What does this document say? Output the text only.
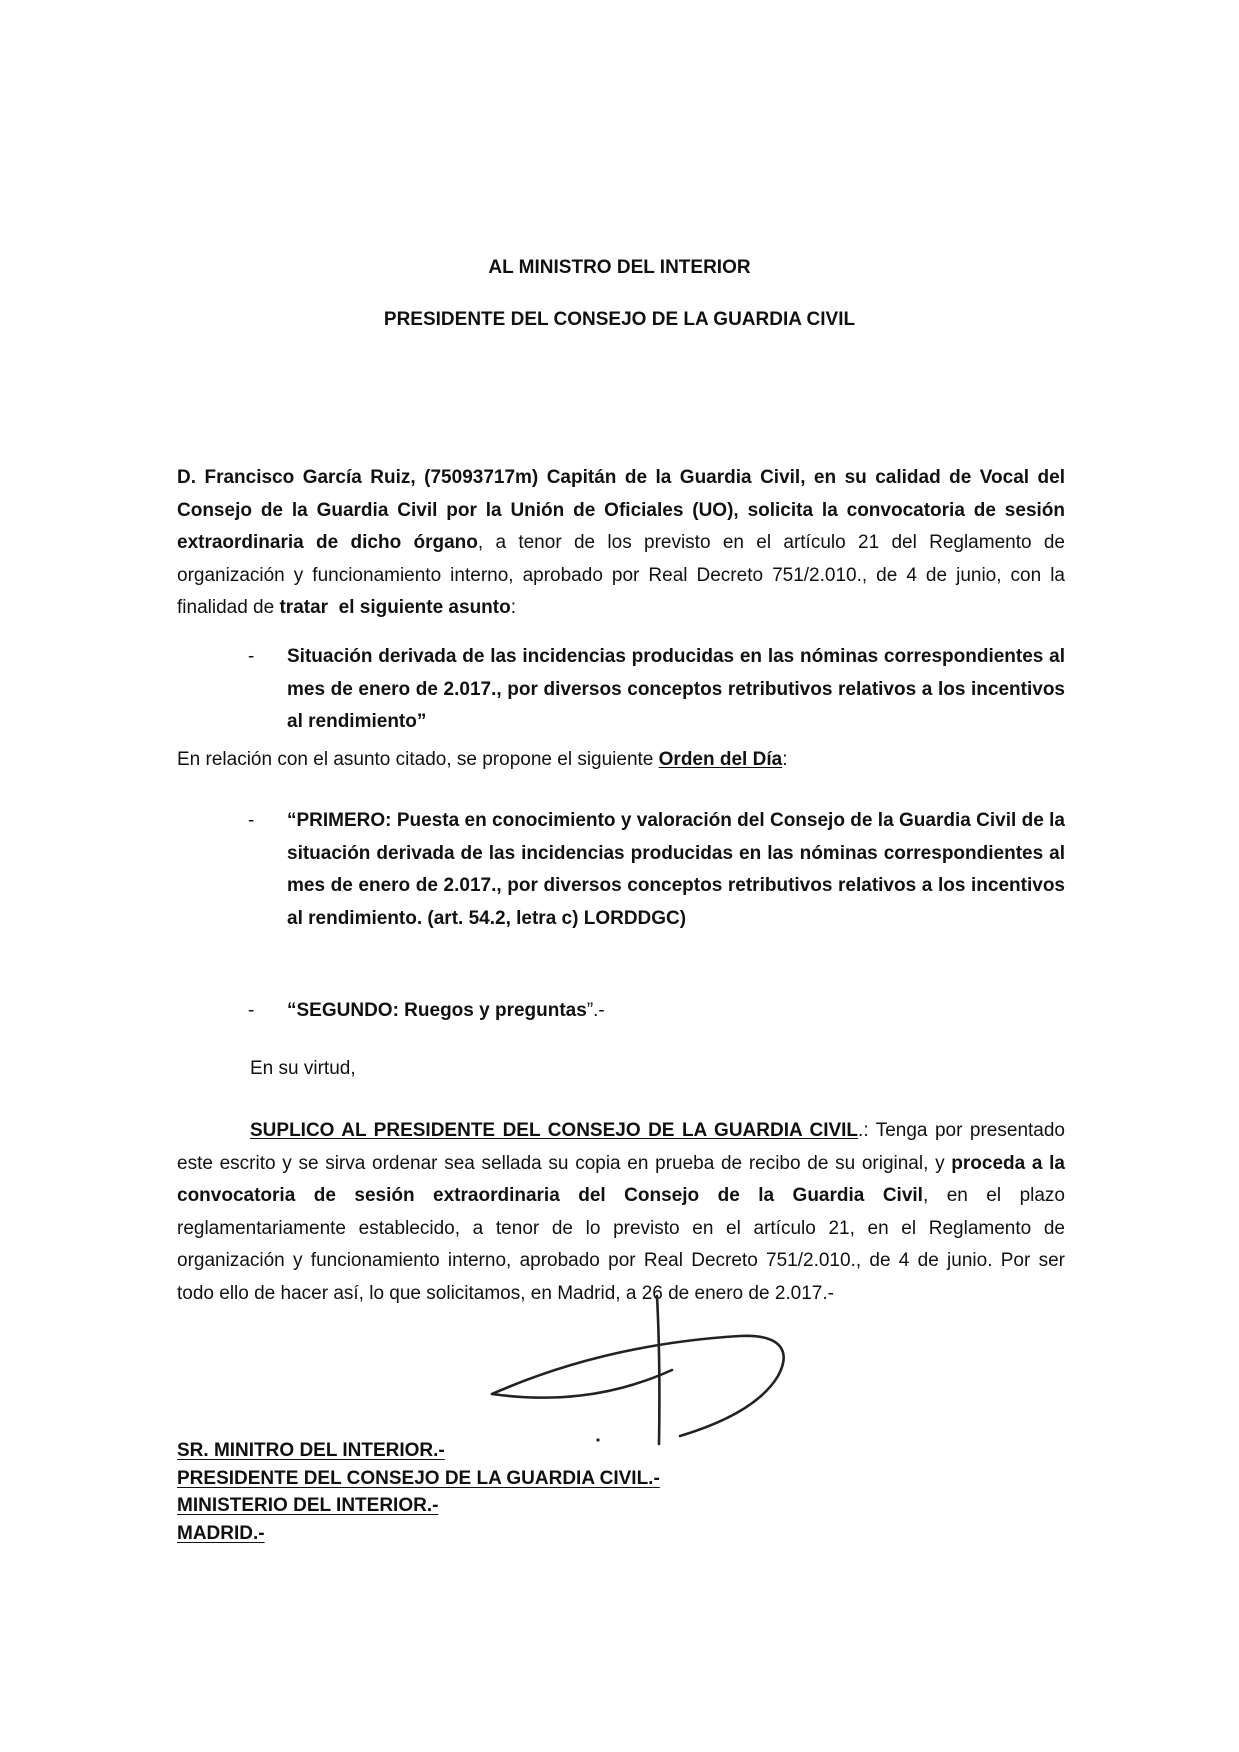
AL MINISTRO DEL INTERIOR
PRESIDENTE DEL CONSEJO DE LA GUARDIA CIVIL
D. Francisco García Ruiz, (75093717m) Capitán de la Guardia Civil, en su calidad de Vocal del Consejo de la Guardia Civil por la Unión de Oficiales (UO), solicita la convocatoria de sesión extraordinaria de dicho órgano, a tenor de los previsto en el artículo 21 del Reglamento de organización y funcionamiento interno, aprobado por Real Decreto 751/2.010., de 4 de junio, con la finalidad de tratar el siguiente asunto:
- Situación derivada de las incidencias producidas en las nóminas correspondientes al mes de enero de 2.017., por diversos conceptos retributivos relativos a los incentivos al rendimiento”
En relación con el asunto citado, se propone el siguiente Orden del Día:
- “PRIMERO: Puesta en conocimiento y valoración del Consejo de la Guardia Civil de la situación derivada de las incidencias producidas en las nóminas correspondientes al mes de enero de 2.017., por diversos conceptos retributivos relativos a los incentivos al rendimiento. (art. 54.2, letra c) LORDDGC)
- “SEGUNDO: Ruegos y preguntas”.-
En su virtud,
SUPLICO AL PRESIDENTE DEL CONSEJO DE LA GUARDIA CIVIL.: Tenga por presentado este escrito y se sirva ordenar sea sellada su copia en prueba de recibo de su original, y proceda a la convocatoria de sesión extraordinaria del Consejo de la Guardia Civil, en el plazo reglamentariamente establecido, a tenor de lo previsto en el artículo 21, en el Reglamento de organización y funcionamiento interno, aprobado por Real Decreto 751/2.010., de 4 de junio. Por ser todo ello de hacer así, lo que solicitamos, en Madrid, a 26 de enero de 2.017.-
SR. MINITRO DEL INTERIOR.-
PRESIDENTE DEL CONSEJO DE LA GUARDIA CIVIL.-
MINISTERIO DEL INTERIOR.-
MADRID.-
